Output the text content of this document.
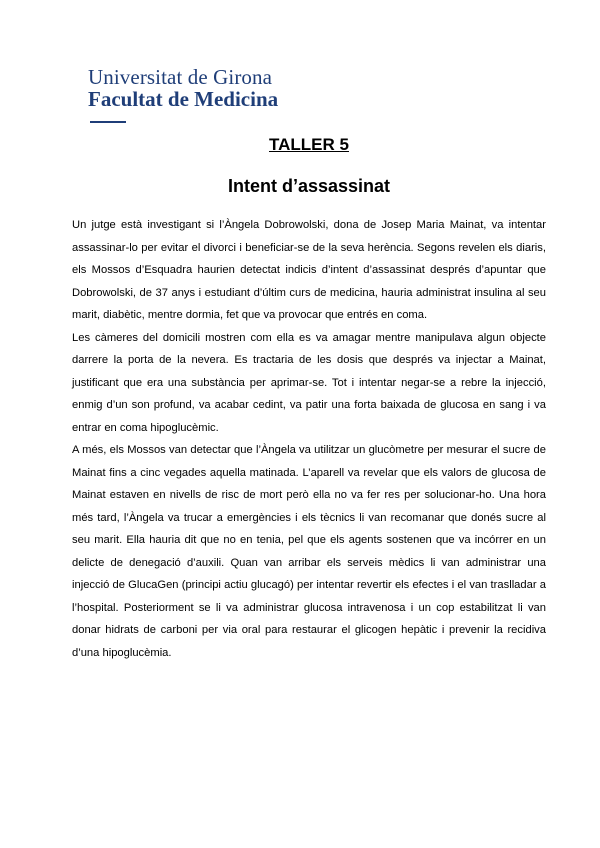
Universitat de Girona
Facultat de Medicina
TALLER 5
Intent d’assassinat

Un jutge està investigant si l’Àngela Dobrowolski, dona de Josep Maria Mainat, va intentar assassinar-lo per evitar el divorci i beneficiar-se de la seva herència. Segons revelen els diaris, els Mossos d’Esquadra haurien detectat indicis d’intent d’assassinat després d’apuntar que Dobrowolski, de 37 anys i estudiant d’últim curs de medicina, hauria administrat insulina al seu marit, diabètic, mentre dormia, fet que va provocar que entrés en coma.

Les càmeres del domicili mostren com ella es va amagar mentre manipulava algun objecte darrere la porta de la nevera. Es tractaria de les dosis que després va injectar a Mainat, justificant que era una substància per aprimar-se. Tot i intentar negar-se a rebre la injecció, enmig d’un son profund, va acabar cedint, va patir una forta baixada de glucosa en sang i va entrar en coma hipoglucèmic.

A més, els Mossos van detectar que l’Àngela va utilitzar un glucòmetre per mesurar el sucre de Mainat fins a cinc vegades aquella matinada. L’aparell va revelar que els valors de glucosa de Mainat estaven en nivells de risc de mort però ella no va fer res per solucionar-ho. Una hora més tard, l’Àngela va trucar a emergències i els tècnics li van recomanar que donés sucre al seu marit. Ella hauria dit que no en tenia, pel que els agents sostenen que va incórrer en un delicte de denegació d’auxili. Quan van arribar els serveis mèdics li van administrar una injecció de GlucaGen (principi actiu glucagó) per intentar revertir els efectes i el van traslladar a l’hospital. Posteriorment se li va administrar glucosa intravenosa i un cop estabilitzat li van donar hidrats de carboni per via oral para restaurar el glicogen hepàtic i prevenir la recidiva d’una hipoglucèmia.
